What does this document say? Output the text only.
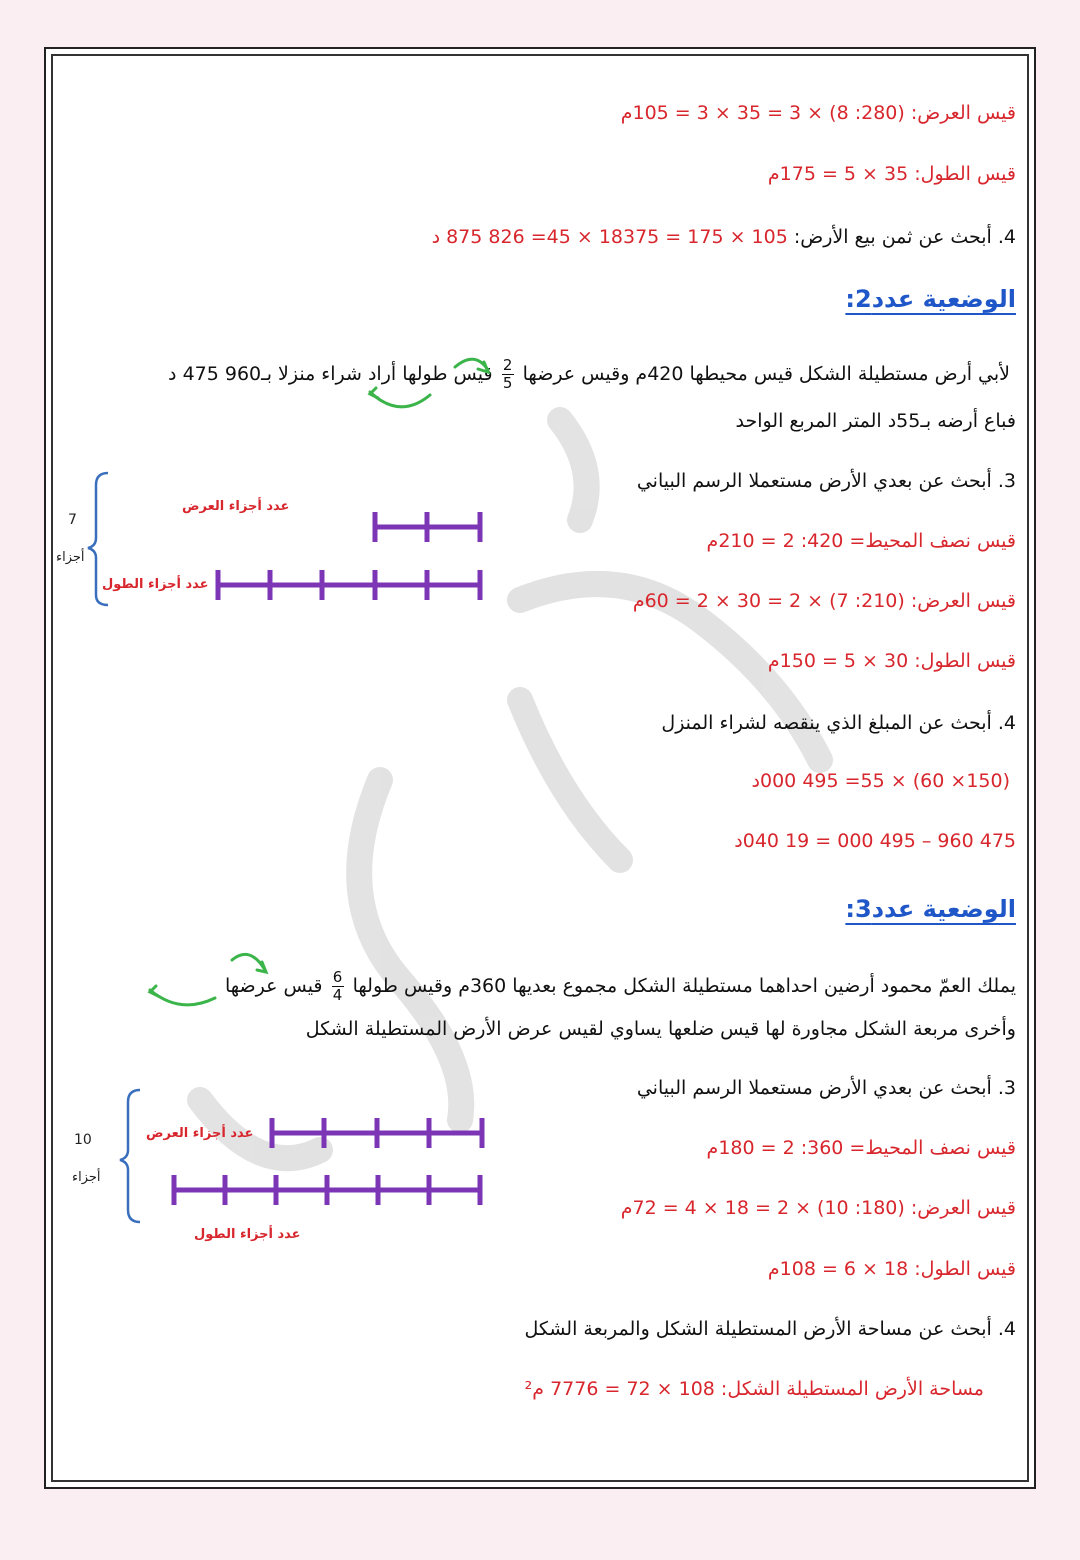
قيس العرض: (280: 8) × 3 = 35 × 3 = 105م
قيس الطول: 35 × 5 = 175م
4. أبحث عن ثمن بيع الأرض: 105 × 175 = 18375 × 45= 826 875 د
الوضعية عدد2:
لأبي أرض مستطيلة الشكل قيس محيطها 420م وقيس عرضها
$\frac{2}{5}$
قيس طولها أراد شراء منزلا بـ960 475 د
فباع أرضه بـ55د المتر المربع الواحد
3. أبحث عن بعدي الأرض مستعملا الرسم البياني
قيس نصف المحيط= 420: 2 = 210م
قيس العرض: (210: 7) × 2 = 30 × 2 = 60م
قيس الطول: 30 × 5 = 150م
4. أبحث عن المبلغ الذي ينقصه لشراء المنزل
(150× 60) × 55= 495 000د
475 960 – 495 000 = 19 040د
عدد أجزاء العرض
عدد أجزاء الطول
7
أجزاء
الوضعية عدد3:
يملك العمّ محمود أرضين احداهما مستطيلة الشكل مجموع بعديها 360م وقيس طولها
$\frac{6}{4}$
قيس عرضها
وأخرى مربعة الشكل مجاورة لها قيس ضلعها يساوي لقيس عرض الأرض المستطيلة الشكل
3. أبحث عن بعدي الأرض مستعملا الرسم البياني
قيس نصف المحيط= 360: 2 = 180م
قيس العرض: (180: 10) × 2 = 18 × 4 = 72م
قيس الطول: 18 × 6 = 108م
4. أبحث عن مساحة الأرض المستطيلة الشكل والمربعة الشكل
مساحة الأرض المستطيلة الشكل: 108 × 72 = 7776 م²
عدد أجزاء العرض
عدد أجزاء الطول
10
أجزاء
